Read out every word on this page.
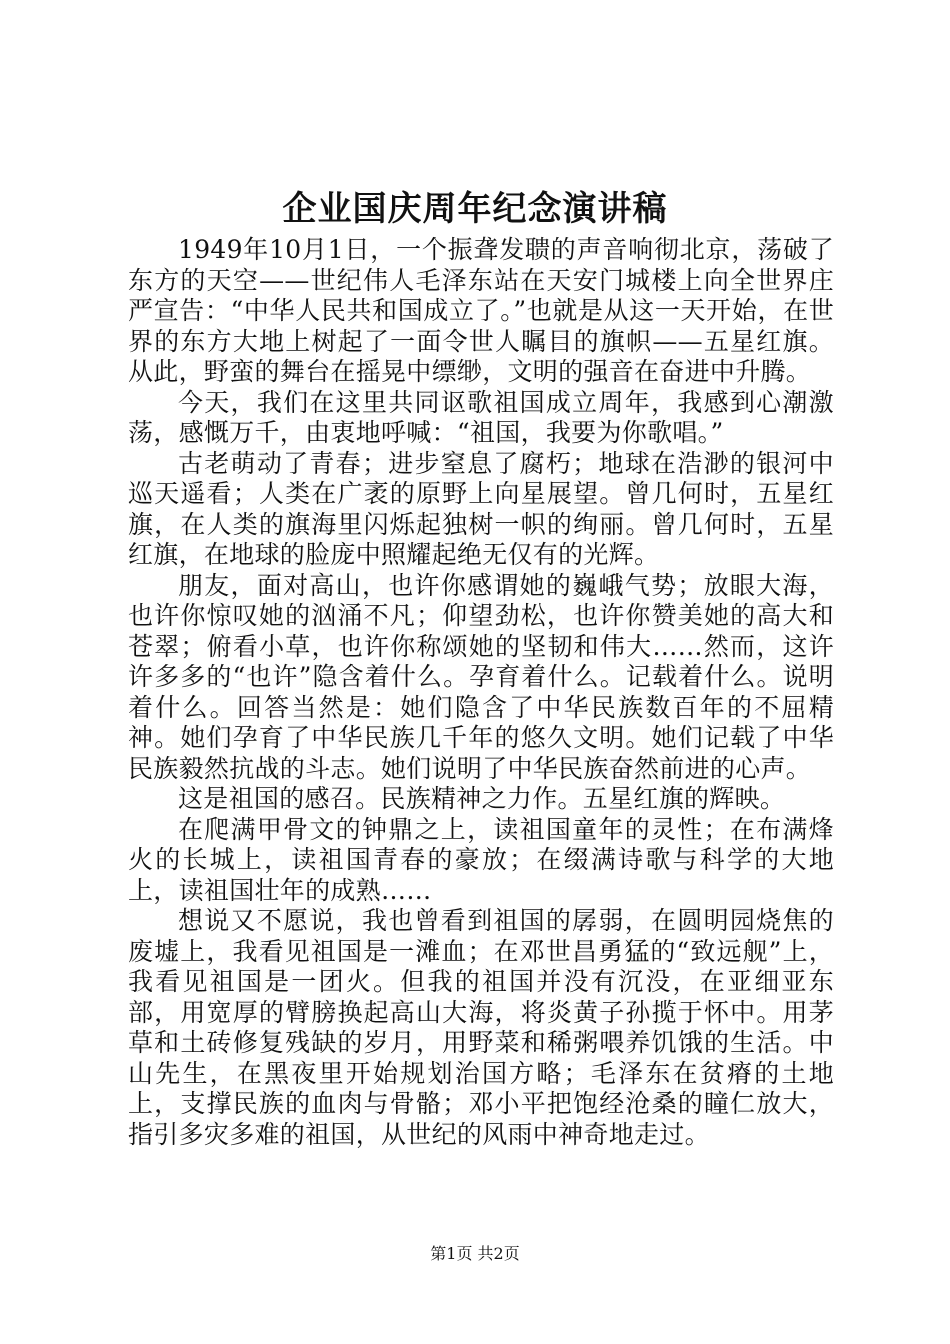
企业国庆周年纪念演讲稿

1949年10月1日，一个振聋发聩的声音响彻北京，荡破了东方的天空——世纪伟人毛泽东站在天安门城楼上向全世界庄严宣告：“中华人民共和国成立了。”也就是从这一天开始，在世界的东方大地上树起了一面令世人瞩目的旗帜——五星红旗。从此，野蛮的舞台在摇晃中缥缈，文明的强音在奋进中升腾。

今天，我们在这里共同讴歌祖国成立周年，我感到心潮激荡，感慨万千，由衷地呼喊：“祖国，我要为你歌唱。”

古老萌动了青春；进步窒息了腐朽；地球在浩渺的银河中巡天遥看；人类在广袤的原野上向星展望。曾几何时，五星红旗，在人类的旗海里闪烁起独树一帜的绚丽。曾几何时，五星红旗，在地球的脸庞中照耀起绝无仅有的光辉。

朋友，面对高山，也许你感谓她的巍峨气势；放眼大海，也许你惊叹她的汹涌不凡；仰望劲松，也许你赞美她的高大和苍翠；俯看小草，也许你称颂她的坚韧和伟大……然而，这许许多多的“也许”隐含着什么。孕育着什么。记载着什么。说明着什么。回答当然是：她们隐含了中华民族数百年的不屈精神。她们孕育了中华民族几千年的悠久文明。她们记载了中华民族毅然抗战的斗志。她们说明了中华民族奋然前进的心声。

这是祖国的感召。民族精神之力作。五星红旗的辉映。

在爬满甲骨文的钟鼎之上，读祖国童年的灵性；在布满烽火的长城上，读祖国青春的豪放；在缀满诗歌与科学的大地上，读祖国壮年的成熟……

想说又不愿说，我也曾看到祖国的孱弱，在圆明园烧焦的废墟上，我看见祖国是一滩血；在邓世昌勇猛的“致远舰”上，我看见祖国是一团火。但我的祖国并没有沉没，在亚细亚东部，用宽厚的臂膀换起高山大海，将炎黄子孙揽于怀中。用茅草和土砖修复残缺的岁月，用野菜和稀粥喂养饥饿的生活。中山先生，在黑夜里开始规划治国方略；毛泽东在贫瘠的土地上，支撑民族的血肉与骨骼；邓小平把饱经沧桑的瞳仁放大，指引多灾多难的祖国，从世纪的风雨中神奇地走过。

第1页 共2页
